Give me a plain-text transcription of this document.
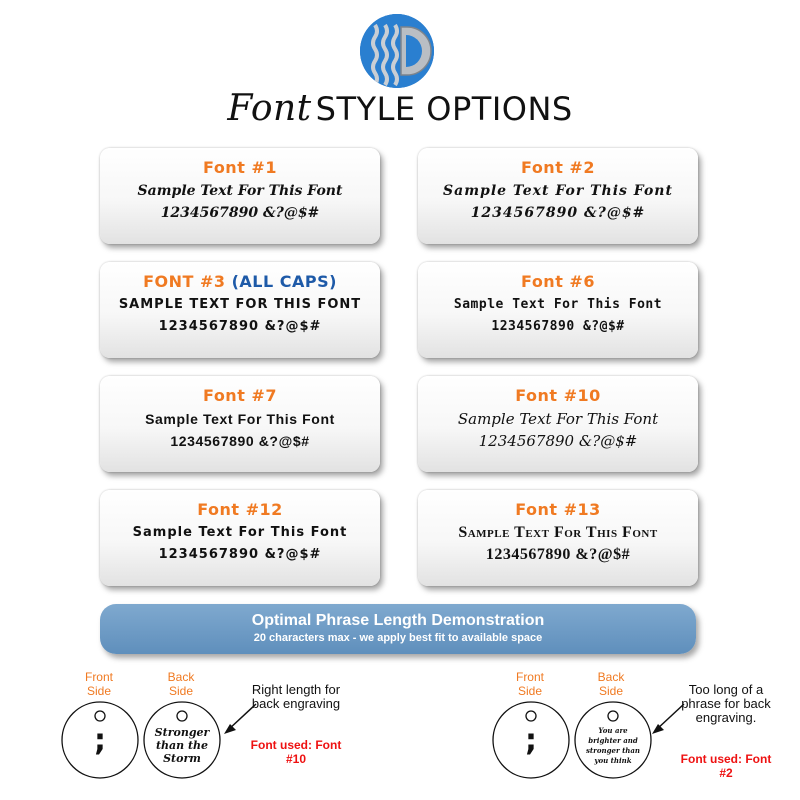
Font STYLE OPTIONS
Font #1
Sample Text For This Font
1234567890 &?@$#
Font #2
Sample Text For This Font
1234567890 &?@$#
FONT #3 (ALL CAPS)
SAMPLE TEXT FOR THIS FONT
1234567890 &?@$#
Font #6
Sample Text For This Font
1234567890 &?@$#
Font #7
Sample Text For This Font
1234567890 &?@$#
Font #10
Sample Text For This Font
1234567890 &?@$#
Font #12
Sample Text For This Font
1234567890 &?@$#
Font #13
Sample Text For This Font
1234567890 &?@$#
Optimal Phrase Length Demonstration
20 characters max - we apply best fit to available space
Front
Side
Back
Side
;	Stronger than the Storm
Right length for back engraving
Font used: Font #10
Front
Side
Back
Side
;	You are brighter and stronger than you think
Too long of a phrase for back engraving.
Font used: Font #2
